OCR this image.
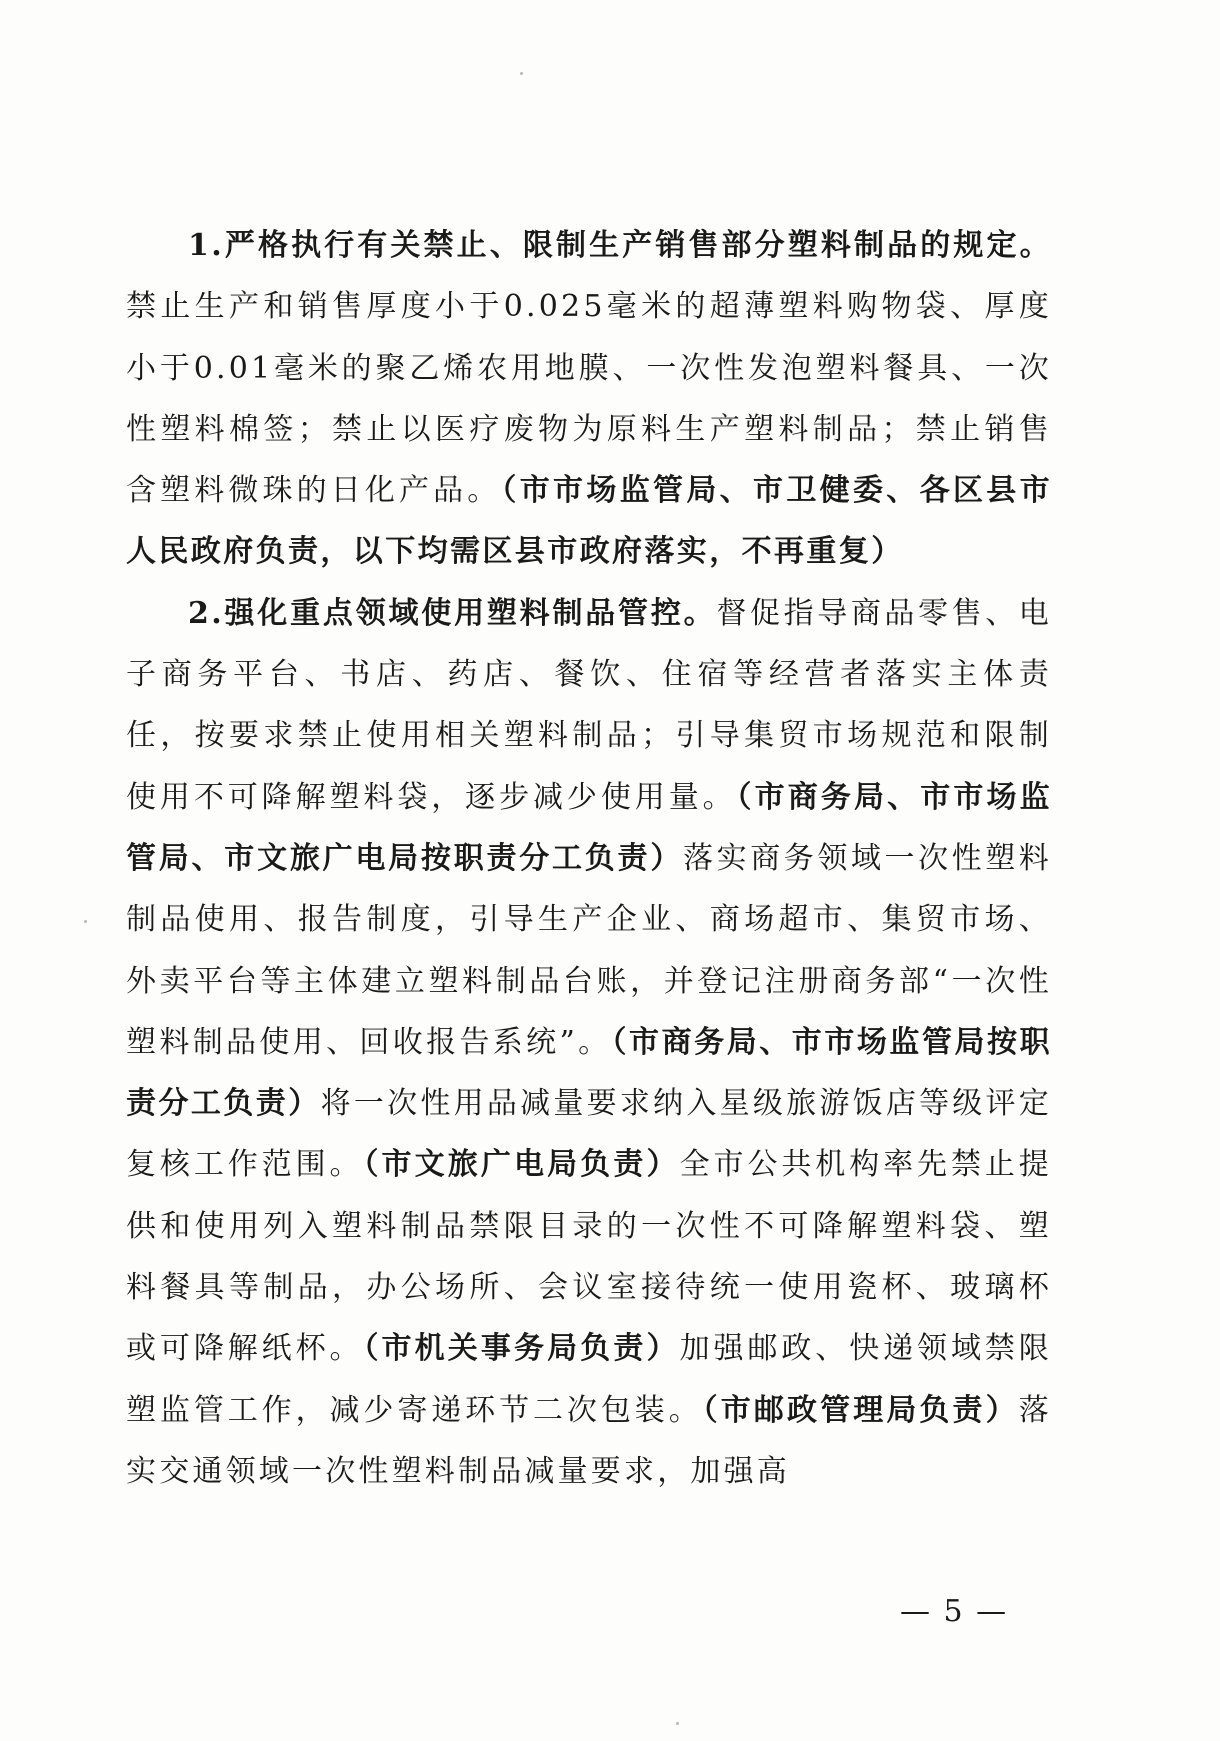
1.严格执行有关禁止、限制生产销售部分塑料制品的规定。禁止生产和销售厚度小于0.025毫米的超薄塑料购物袋、厚度小于0.01毫米的聚乙烯农用地膜、一次性发泡塑料餐具、一次性塑料棉签；禁止以医疗废物为原料生产塑料制品；禁止销售含塑料微珠的日化产品。（市市场监管局、市卫健委、各区县市人民政府负责，以下均需区县市政府落实，不再重复）

2.强化重点领域使用塑料制品管控。督促指导商品零售、电子商务平台、书店、药店、餐饮、住宿等经营者落实主体责任，按要求禁止使用相关塑料制品；引导集贸市场规范和限制使用不可降解塑料袋，逐步减少使用量。（市商务局、市市场监管局、市文旅广电局按职责分工负责）落实商务领域一次性塑料制品使用、报告制度，引导生产企业、商场超市、集贸市场、外卖平台等主体建立塑料制品台账，并登记注册商务部“一次性塑料制品使用、回收报告系统”。（市商务局、市市场监管局按职责分工负责）将一次性用品减量要求纳入星级旅游饭店等级评定复核工作范围。（市文旅广电局负责）全市公共机构率先禁止提供和使用列入塑料制品禁限目录的一次性不可降解塑料袋、塑料餐具等制品，办公场所、会议室接待统一使用瓷杯、玻璃杯或可降解纸杯。（市机关事务局负责）加强邮政、快递领域禁限塑监管工作，减少寄递环节二次包装。（市邮政管理局负责）落实交通领域一次性塑料制品减量要求，加强高

— 5 —
